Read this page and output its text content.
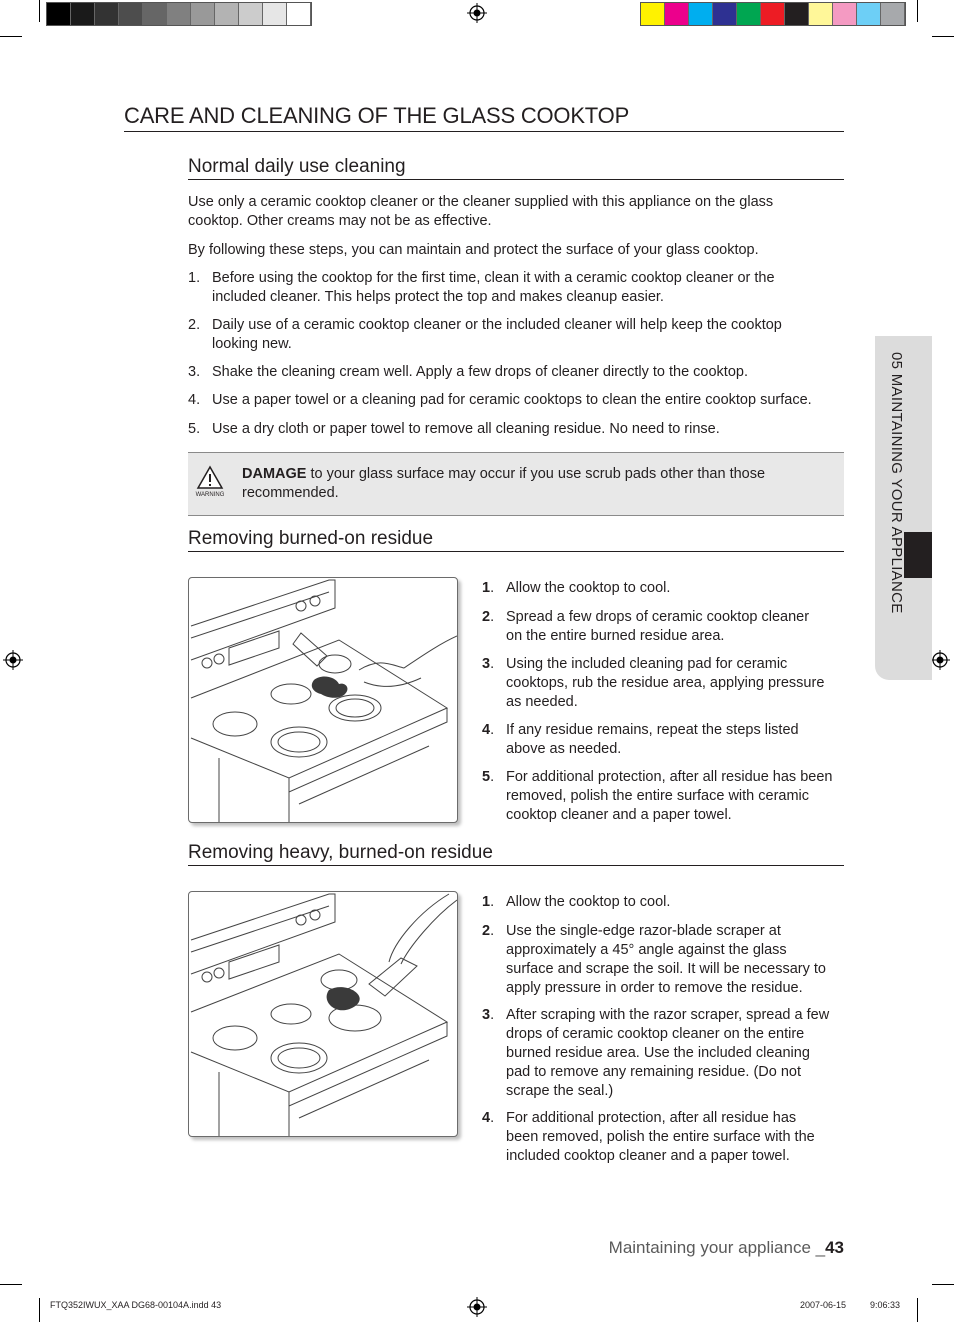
CARE AND CLEANING OF THE GLASS COOKTOP
Normal daily use cleaning

Use only a ceramic cooktop cleaner or the cleaner supplied with this appliance on the glass
cooktop. Other creams may not be as effective.

By following these steps, you can maintain and protect the surface of your glass cooktop.

1. Before using the cooktop for the first time, clean it with a ceramic cooktop cleaner or the
included cleaner. This helps protect the top and makes cleanup easier.
2. Daily use of a ceramic cooktop cleaner or the included cleaner will help keep the cooktop
looking new.
3. Shake the cleaning cream well. Apply a few drops of cleaner directly to the cooktop.
4. Use a paper towel or a cleaning pad for ceramic cooktops to clean the entire cooktop surface.
5. Use a dry cloth or paper towel to remove all cleaning residue. No need to rinse.
WARNING
DAMAGE to your glass surface may occur if you use scrub pads other than those
recommended.
Removing burned-on residue
1. Allow the cooktop to cool.
2. Spread a few drops of ceramic cooktop cleaner
on the entire burned residue area.
3. Using the included cleaning pad for ceramic
cooktops, rub the residue area, applying pressure
as needed.
4. If any residue remains, repeat the steps listed
above as needed.
5. For additional protection, after all residue has been
removed, polish the entire surface with ceramic
cooktop cleaner and a paper towel.
Removing heavy, burned-on residue
1. Allow the cooktop to cool.
2. Use the single-edge razor-blade scraper at
approximately a 45° angle against the glass
surface and scrape the soil. It will be necessary to
apply pressure in order to remove the residue.
3. After scraping with the razor scraper, spread a few
drops of ceramic cooktop cleaner on the entire
burned residue area. Use the included cleaning
pad to remove any remaining residue. (Do not
scrape the seal.)
4. For additional protection, after all residue has
been removed, polish the entire surface with the
included cooktop cleaner and a paper towel.
05 MAINTAINING YOUR APPLIANCE
Maintaining your appliance _43
FTQ352IWUX_XAA DG68-00104A.indd 43	2007-06-15	9:06:33
